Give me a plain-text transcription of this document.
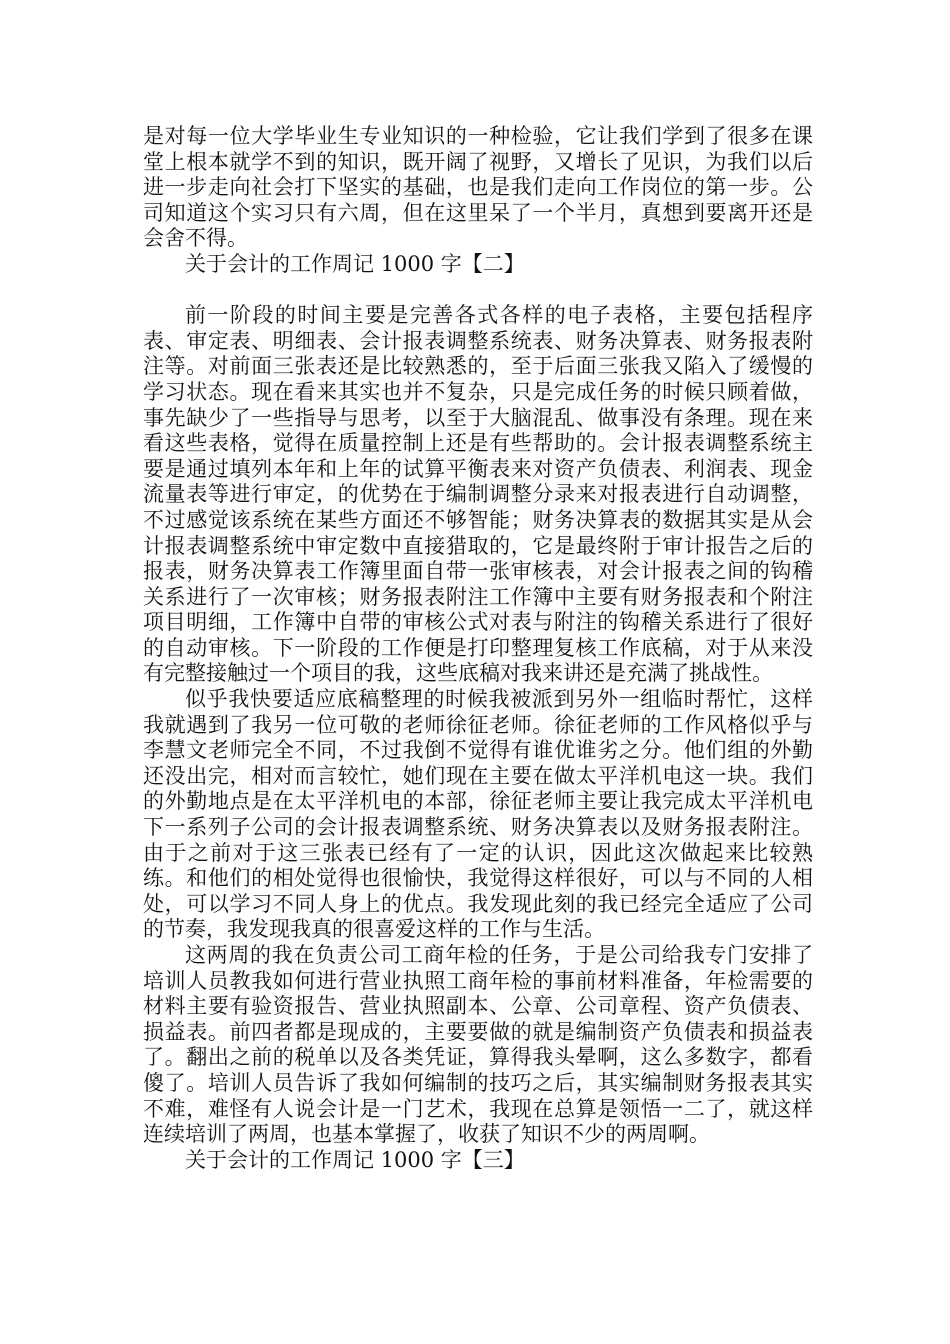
是对每一位大学毕业生专业知识的一种检验，它让我们学到了很多在课堂上根本就学不到的知识，既开阔了视野，又增长了见识，为我们以后进一步走向社会打下坚实的基础，也是我们走向工作岗位的第一步。公司知道这个实习只有六周，但在这里呆了一个半月，真想到要离开还是会舍不得。

关于会计的工作周记 1000 字【二】

前一阶段的时间主要是完善各式各样的电子表格，主要包括程序表、审定表、明细表、会计报表调整系统表、财务决算表、财务报表附注等。对前面三张表还是比较熟悉的，至于后面三张我又陷入了缓慢的学习状态。现在看来其实也并不复杂，只是完成任务的时候只顾着做，事先缺少了一些指导与思考，以至于大脑混乱、做事没有条理。现在来看这些表格，觉得在质量控制上还是有些帮助的。会计报表调整系统主要是通过填列本年和上年的试算平衡表来对资产负债表、利润表、现金流量表等进行审定，的优势在于编制调整分录来对报表进行自动调整，不过感觉该系统在某些方面还不够智能；财务决算表的数据其实是从会计报表调整系统中审定数中直接猎取的，它是最终附于审计报告之后的报表，财务决算表工作簿里面自带一张审核表，对会计报表之间的钩稽关系进行了一次审核；财务报表附注工作簿中主要有财务报表和个附注项目明细，工作簿中自带的审核公式对表与附注的钩稽关系进行了很好的自动审核。下一阶段的工作便是打印整理复核工作底稿，对于从来没有完整接触过一个项目的我，这些底稿对我来讲还是充满了挑战性。

似乎我快要适应底稿整理的时候我被派到另外一组临时帮忙，这样我就遇到了我另一位可敬的老师徐征老师。徐征老师的工作风格似乎与李慧文老师完全不同，不过我倒不觉得有谁优谁劣之分。他们组的外勤还没出完，相对而言较忙，她们现在主要在做太平洋机电这一块。我们的外勤地点是在太平洋机电的本部，徐征老师主要让我完成太平洋机电下一系列子公司的会计报表调整系统、财务决算表以及财务报表附注。由于之前对于这三张表已经有了一定的认识，因此这次做起来比较熟练。和他们的相处觉得也很愉快，我觉得这样很好，可以与不同的人相处，可以学习不同人身上的优点。我发现此刻的我已经完全适应了公司的节奏，我发现我真的很喜爱这样的工作与生活。

这两周的我在负责公司工商年检的任务，于是公司给我专门安排了培训人员教我如何进行营业执照工商年检的事前材料准备，年检需要的材料主要有验资报告、营业执照副本、公章、公司章程、资产负债表、损益表。前四者都是现成的，主要要做的就是编制资产负债表和损益表了。翻出之前的税单以及各类凭证，算得我头晕啊，这么多数字，都看傻了。培训人员告诉了我如何编制的技巧之后，其实编制财务报表其实不难，难怪有人说会计是一门艺术，我现在总算是领悟一二了，就这样连续培训了两周，也基本掌握了，收获了知识不少的两周啊。

关于会计的工作周记 1000 字【三】
